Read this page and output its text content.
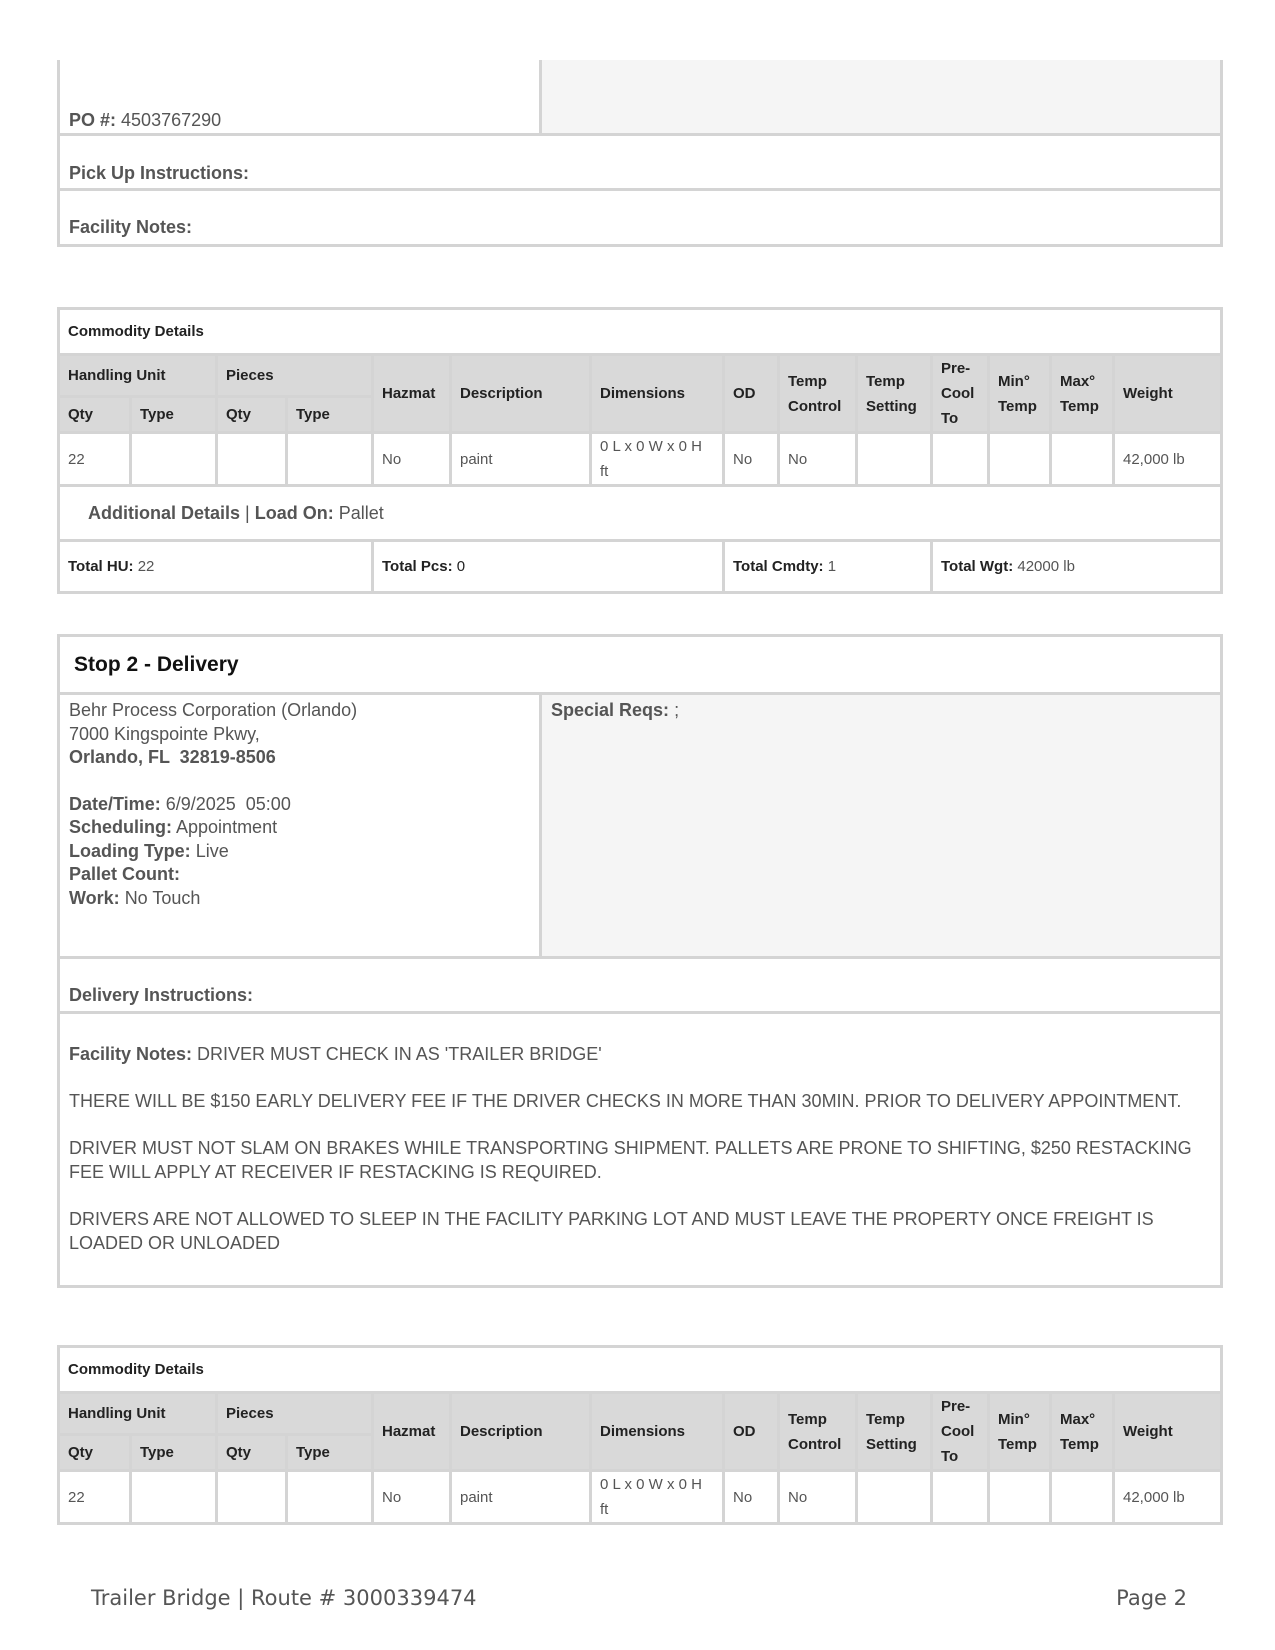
PO #: 4503767290
Pick Up Instructions:
Facility Notes:
Commodity Details													
Handling Unit		Pieces		Hazmat	Description	Dimensions	OD	Temp Control	Temp Setting	Pre-Cool To	Min° Temp	Max° Temp	Weight
Qty	Type	Qty	Type										
22				No	paint	0 L x 0 W x 0 H ft	No	No					42,000 lb
Additional Details | Load On: Pallet													
Total HU: 22				Total Pcs: 0			Total Cmdty: 1			Total Wgt: 42000 lb			
Stop 2 - Delivery
Behr Process Corporation (Orlando)
7000 Kingspointe Pkwy,
Orlando, FL  32819-8506
Date/Time: 6/9/2025  05:00
Scheduling: Appointment
Loading Type: Live
Pallet Count:
Work: No Touch
Special Reqs: ;
Delivery Instructions:
Facility Notes: DRIVER MUST CHECK IN AS 'TRAILER BRIDGE'
THERE WILL BE $150 EARLY DELIVERY FEE IF THE DRIVER CHECKS IN MORE THAN 30MIN. PRIOR TO DELIVERY APPOINTMENT.
DRIVER MUST NOT SLAM ON BRAKES WHILE TRANSPORTING SHIPMENT. PALLETS ARE PRONE TO SHIFTING, $250 RESTACKING FEE WILL APPLY AT RECEIVER IF RESTACKING IS REQUIRED.
DRIVERS ARE NOT ALLOWED TO SLEEP IN THE FACILITY PARKING LOT AND MUST LEAVE THE PROPERTY ONCE FREIGHT IS LOADED OR UNLOADED
Commodity Details													
Handling Unit		Pieces		Hazmat	Description	Dimensions	OD	Temp Control	Temp Setting	Pre-Cool To	Min° Temp	Max° Temp	Weight
Qty	Type	Qty	Type										
22				No	paint	0 L x 0 W x 0 H ft	No	No					42,000 lb
Trailer Bridge | Route # 3000339474	Page 2
